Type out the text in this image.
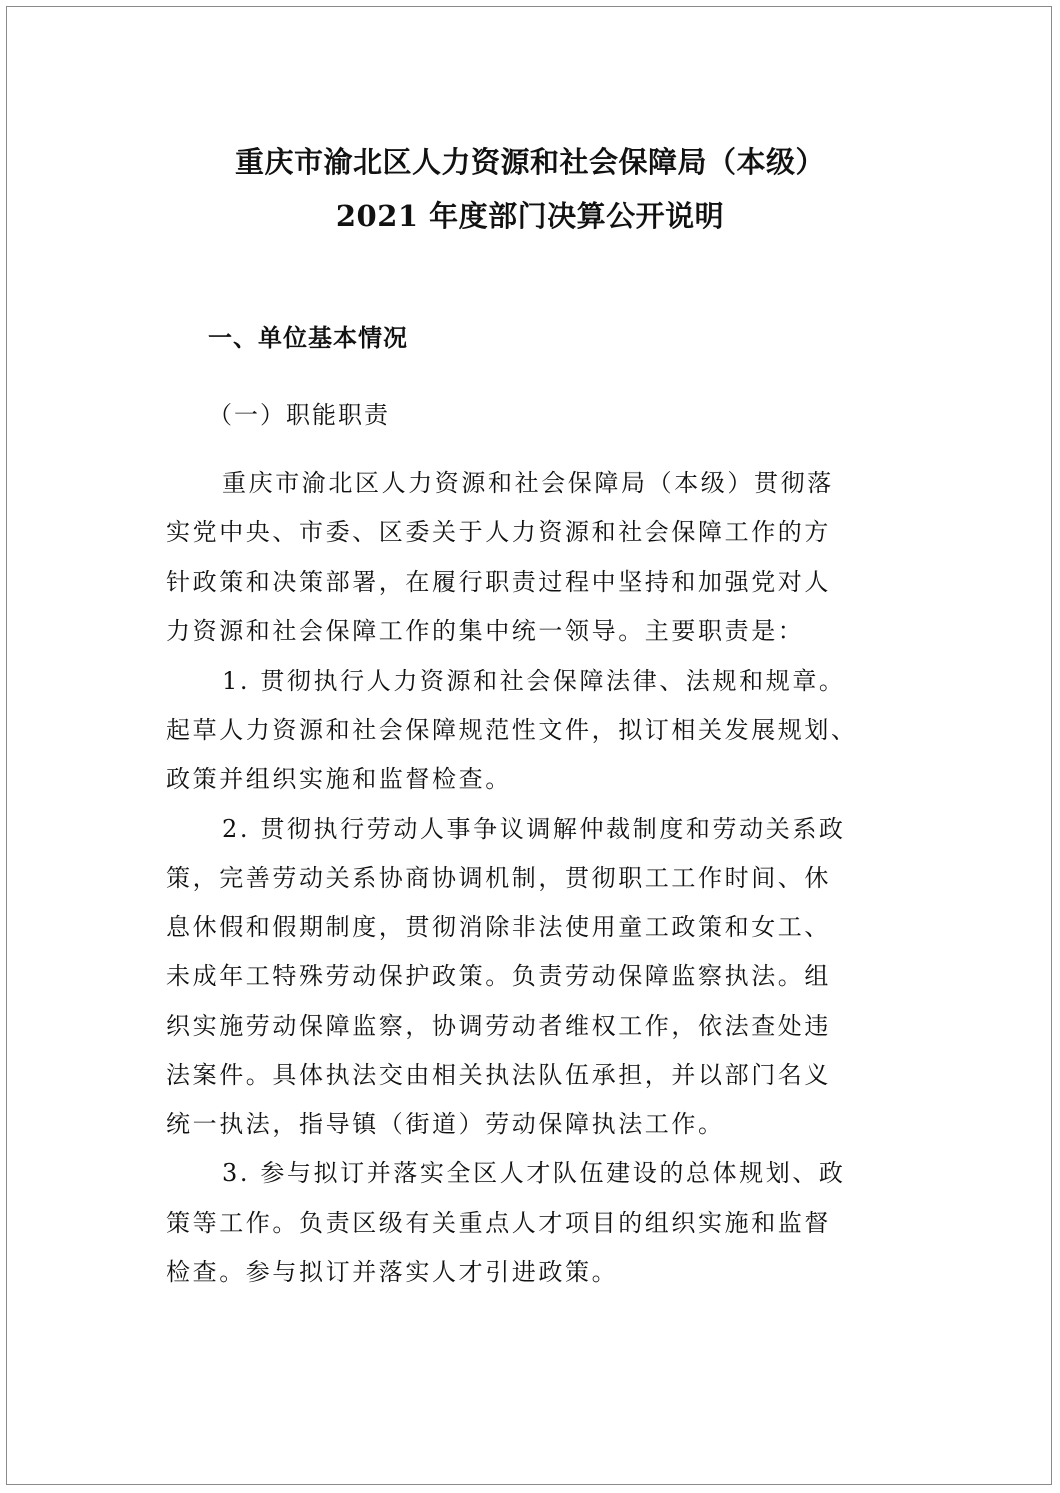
重庆市渝北区人力资源和社会保障局（本级）
2021 年度部门决算公开说明
一、单位基本情况
（一）职能职责
重庆市渝北区人力资源和社会保障局（本级）贯彻落
实党中央、市委、区委关于人力资源和社会保障工作的方
针政策和决策部署，在履行职责过程中坚持和加强党对人
力资源和社会保障工作的集中统一领导。主要职责是：
1. 贯彻执行人力资源和社会保障法律、法规和规章。
起草人力资源和社会保障规范性文件，拟订相关发展规划、
政策并组织实施和监督检查。
2. 贯彻执行劳动人事争议调解仲裁制度和劳动关系政
策，完善劳动关系协商协调机制，贯彻职工工作时间、休
息休假和假期制度，贯彻消除非法使用童工政策和女工、
未成年工特殊劳动保护政策。负责劳动保障监察执法。组
织实施劳动保障监察，协调劳动者维权工作，依法查处违
法案件。具体执法交由相关执法队伍承担，并以部门名义
统一执法，指导镇（街道）劳动保障执法工作。
3. 参与拟订并落实全区人才队伍建设的总体规划、政
策等工作。负责区级有关重点人才项目的组织实施和监督
检查。参与拟订并落实人才引进政策。
